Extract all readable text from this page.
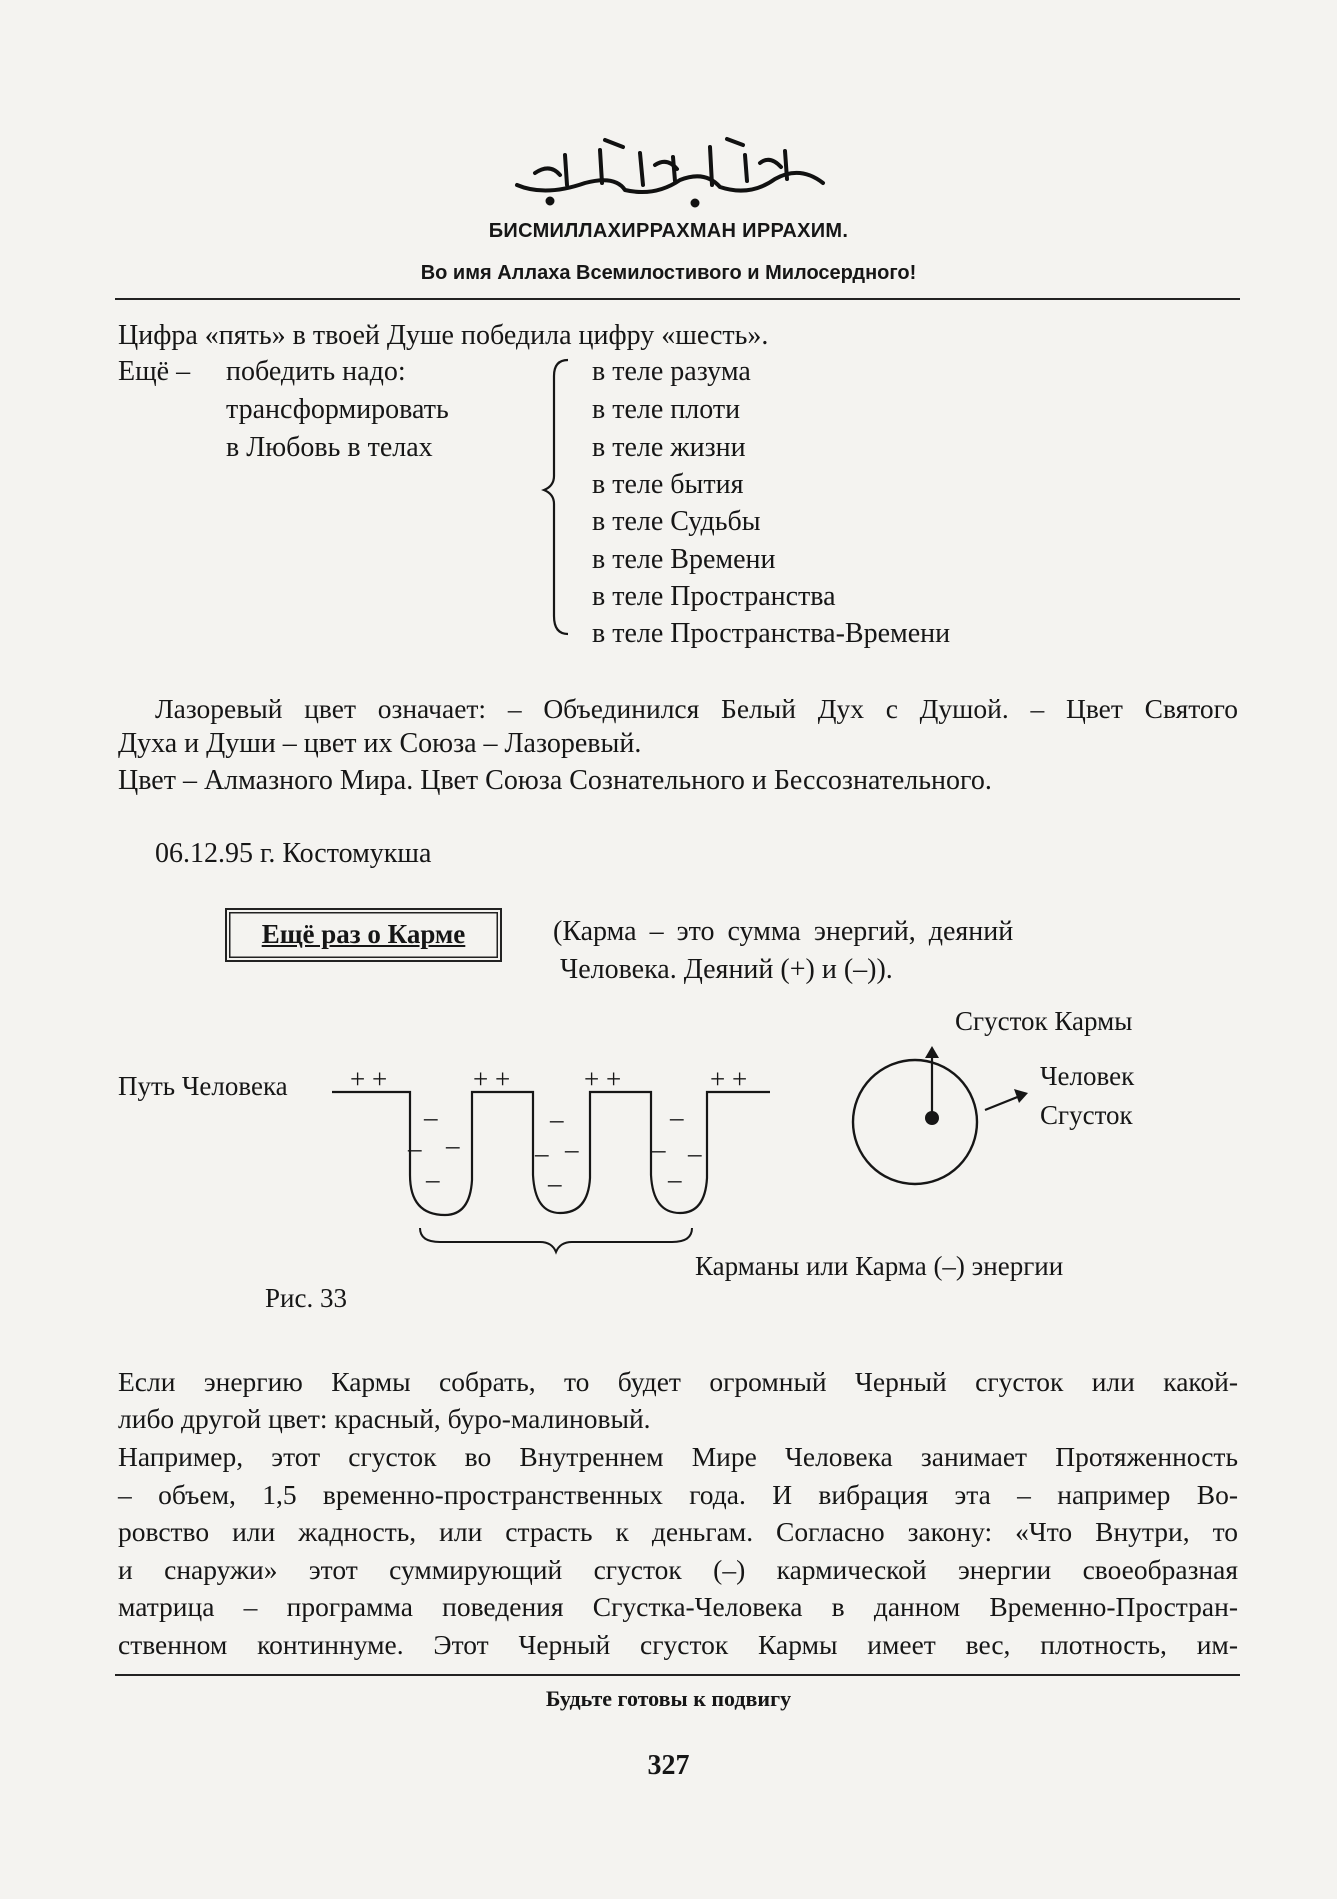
БИСМИЛЛАХИРРАХМАН ИРРАХИМ.
Во имя Аллаха Всемилостивого и Милосердного!
Цифра «пять» в твоей Душе победила цифру «шесть».
Ещё – победить надо:
трансформировать
в Любовь в телах
в теле разума
в теле плоти
в теле жизни
в теле бытия
в теле Судьбы
в теле Времени
в теле Пространства
в теле Пространства-Времени
Лазоревый цвет означает: – Объединился Белый Дух с Душой. – Цвет Святого
Духа и Души – цвет их Союза – Лазоревый.
Цвет – Алмазного Мира. Цвет Союза Сознательного и Бессознательного.
06.12.95 г. Костомукша
Ещё раз о Карме	(Карма – это сумма энергий, деяний
Человека. Деяний (+) и (–)).
Путь Человека + +	+ +	+ +	+ +
–
– –
–
–
– –
–
–
– –
–
Сгусток Кармы
Человек
Сгусток
Карманы или Карма (–) энергии
Рис. 33
Если энергию Кармы собрать, то будет огромный Черный сгусток или какой-
либо другой цвет: красный, буро-малиновый.
Например, этот сгусток во Внутреннем Мире Человека занимает Протяженность
– объем, 1,5 временно-пространственных года. И вибрация эта – например Во-
ровство или жадность, или страсть к деньгам. Согласно закону: «Что Внутри, то
и снаружи» этот суммирующий сгусток (–) кармической энергии своеобразная
матрица – программа поведения Сгустка-Человека в данном Временно-Простран-
ственном континнуме. Этот Черный сгусток Кармы имеет вес, плотность, им-
Будьте готовы к подвигу
327
